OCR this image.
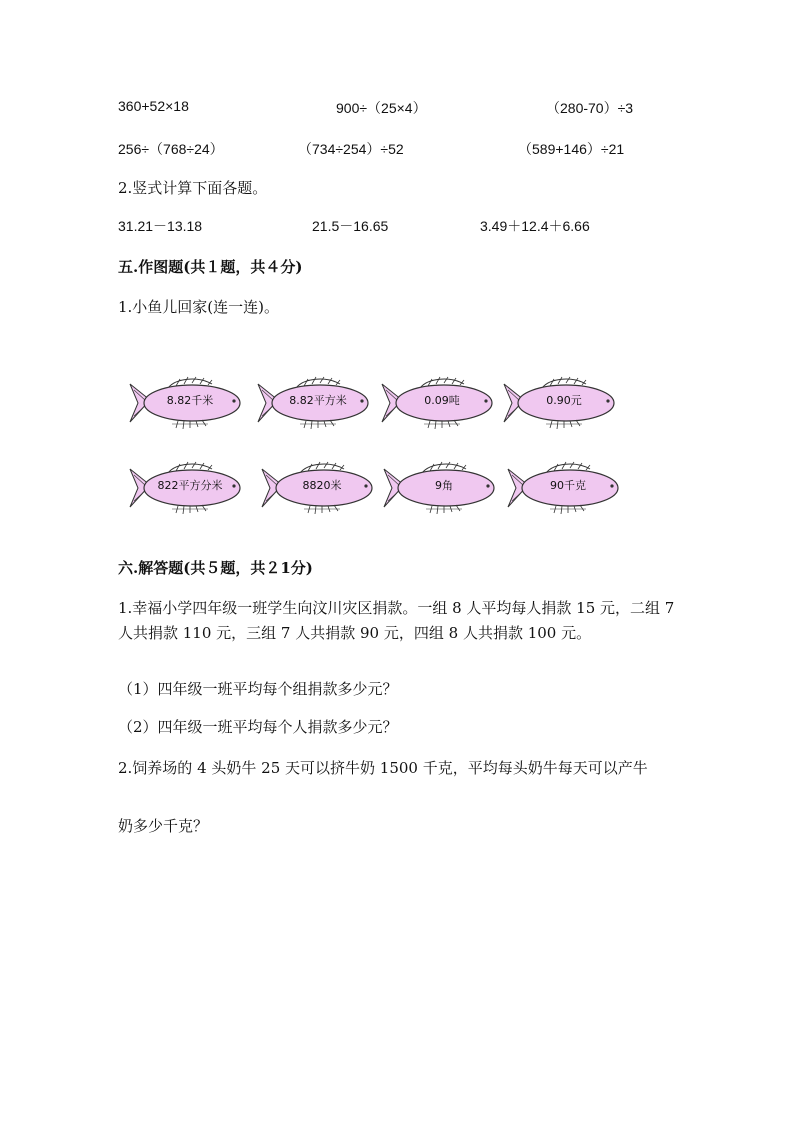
360+52×18	900÷（25×4）	（280-70）÷3
256÷（768÷24）	（734÷254）÷52	（589+146）÷21
2.竖式计算下面各题。
31.21－13.18	21.5－16.65	3.49＋12.4＋6.66
五.作图题(共１题，共４分)
1.小鱼儿回家(连一连)。
8.82千米	8.82平方米	0.09吨	0.90元
822平方分米	8820米	9角	90千克
六.解答题(共５题，共２1分)
1.幸福小学四年级一班学生向汶川灾区捐款。一组 8 人平均每人捐款 15 元，二组 7 人共捐款 110 元，三组 7 人共捐款 90 元，四组 8 人共捐款 100 元。
（1）四年级一班平均每个组捐款多少元？
（2）四年级一班平均每个人捐款多少元？
2.饲养场的 4 头奶牛 25 天可以挤牛奶 1500 千克，平均每头奶牛每天可以产牛
奶多少千克？
